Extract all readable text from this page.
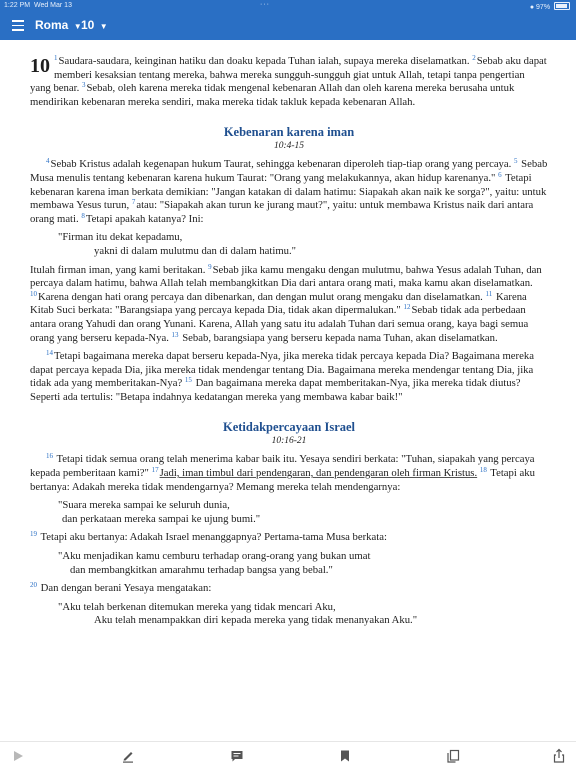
1:22 PM Wed Mar 13	···	● 97%
Roma ▼ 10 ▼

10 $^1$Saudara-saudara, keinginan hatiku dan doaku kepada Tuhan ialah, supaya mereka diselamatkan. $^2$Sebab aku dapat memberi kesaksian tentang mereka, bahwa mereka sungguh-sungguh giat untuk Allah, tetapi tanpa pengertian yang benar. $^3$Sebab, oleh karena mereka tidak mengenal kebenaran Allah dan oleh karena mereka berusaha untuk mendirikan kebenaran mereka sendiri, maka mereka tidak takluk kepada kebenaran Allah.

Kebenaran karena iman
10:4-15

$^4$Sebab Kristus adalah kegenapan hukum Taurat, sehingga kebenaran diperoleh tiap-tiap orang yang percaya. $^5$ Sebab Musa menulis tentang kebenaran karena hukum Taurat: "Orang yang melakukannya, akan hidup karenanya." $^6$ Tetapi kebenaran karena iman berkata demikian: "Jangan katakan di dalam hatimu: Siapakah akan naik ke sorga?", yaitu: untuk membawa Yesus turun, $^7$atau: "Siapakah akan turun ke jurang maut?", yaitu: untuk membawa Kristus naik dari antara orang mati. $^8$Tetapi apakah katanya? Ini:

"Firman itu dekat kepadamu,
yakni di dalam mulutmu dan di dalam hatimu."

Itulah firman iman, yang kami beritakan. $^9$Sebab jika kamu mengaku dengan mulutmu, bahwa Yesus adalah Tuhan, dan percaya dalam hatimu, bahwa Allah telah membangkitkan Dia dari antara orang mati, maka kamu akan diselamatkan. $^{10}$Karena dengan hati orang percaya dan dibenarkan, dan dengan mulut orang mengaku dan diselamatkan. $^{11}$ Karena Kitab Suci berkata: "Barangsiapa yang percaya kepada Dia, tidak akan dipermalukan." $^{12}$Sebab tidak ada perbedaan antara orang Yahudi dan orang Yunani. Karena, Allah yang satu itu adalah Tuhan dari semua orang, kaya bagi semua orang yang berseru kepada-Nya. $^{13}$ Sebab, barangsiapa yang berseru kepada nama Tuhan, akan diselamatkan.

$^{14}$Tetapi bagaimana mereka dapat berseru kepada-Nya, jika mereka tidak percaya kepada Dia? Bagaimana mereka dapat percaya kepada Dia, jika mereka tidak mendengar tentang Dia. Bagaimana mereka mendengar tentang Dia, jika tidak ada yang memberitakan-Nya? $^{15}$ Dan bagaimana mereka dapat memberitakan-Nya, jika mereka tidak diutus? Seperti ada tertulis: "Betapa indahnya kedatangan mereka yang membawa kabar baik!"

Ketidakpercayaan Israel
10:16-21

$^{16}$ Tetapi tidak semua orang telah menerima kabar baik itu. Yesaya sendiri berkata: "Tuhan, siapakah yang percaya kepada pemberitaan kami?" $^{17}$Jadi, iman timbul dari pendengaran, dan pendengaran oleh firman Kristus. $^{18}$ Tetapi aku bertanya: Adakah mereka tidak mendengarnya? Memang mereka telah mendengarnya:

"Suara mereka sampai ke seluruh dunia,
dan perkataan mereka sampai ke ujung bumi."

$^{19}$ Tetapi aku bertanya: Adakah Israel menanggapnya? Pertama-tama Musa berkata:

"Aku menjadikan kamu cemburu terhadap orang-orang yang bukan umat
dan membangkitkan amarahmu terhadap bangsa yang bebal."

$^{20}$ Dan dengan berani Yesaya mengatakan:

"Aku telah berkenan ditemukan mereka yang tidak mencari Aku,
Aku telah menampakkan diri kepada mereka yang tidak menanyakan Aku."
